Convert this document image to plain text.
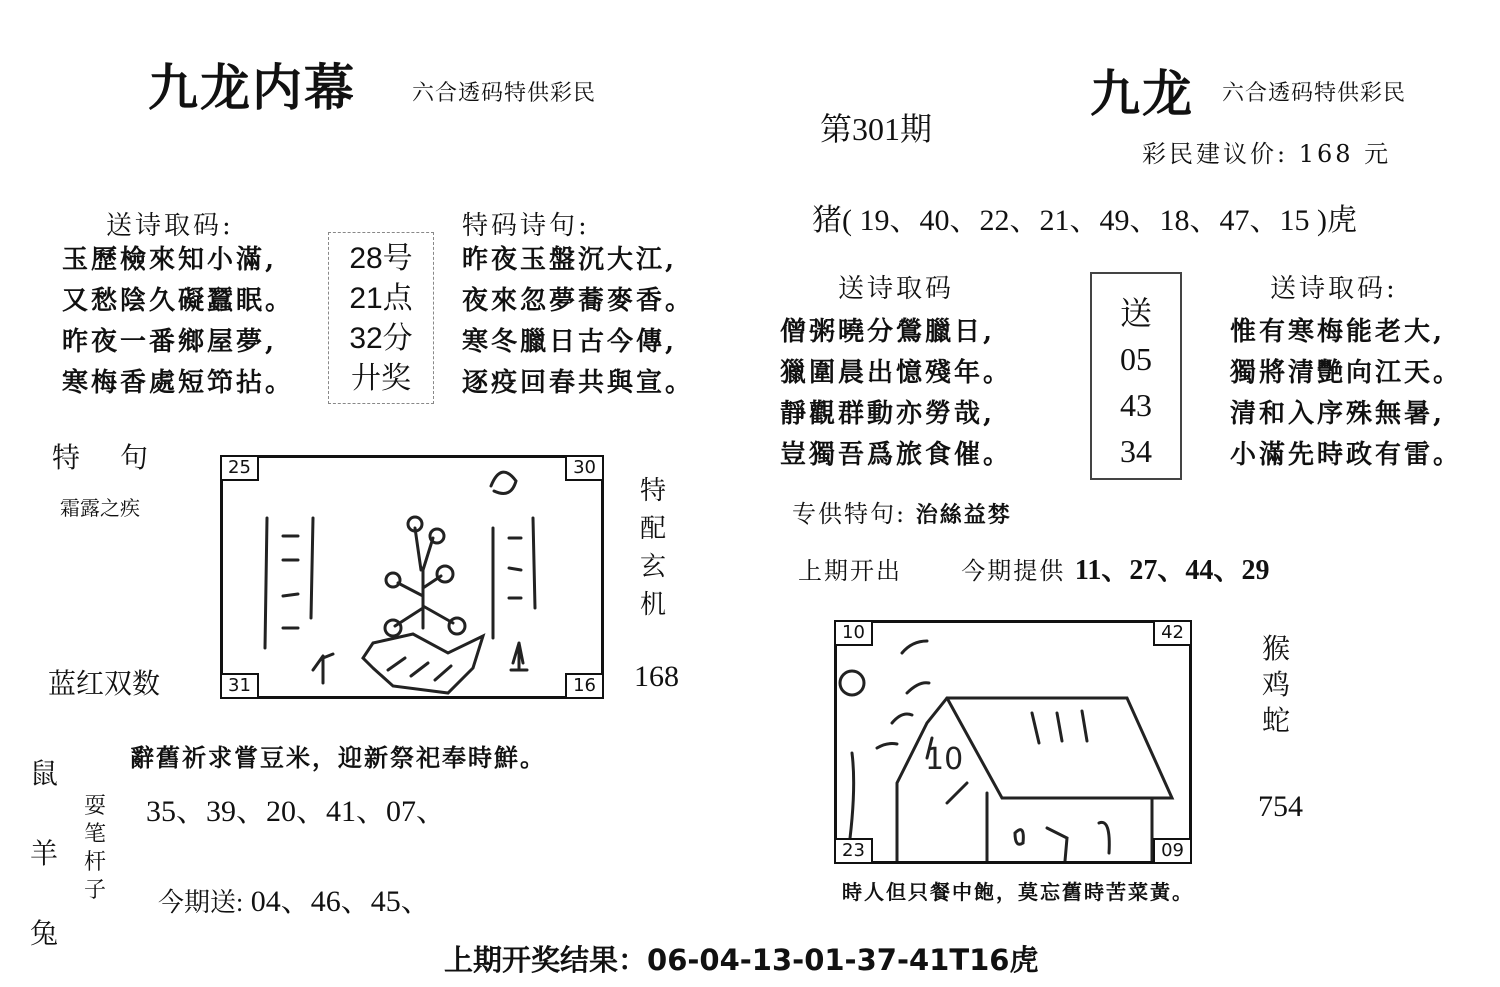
九龙内幕	六合透码特供彩民
送诗取码:	特码诗句:
玉歷檢來知小滿,
又愁陰久礙蠶眠。
昨夜一番鄉屋夢,
寒梅香處短笻拈。
28号
21点
32分
廾奖
昨夜玉盤沉大江,
夜來忽夢蕎麥香。
寒冬臘日古今傳,
逐疫回春共與宣。
特　句
霜露之疾
蓝红双数
25	30
31	16
特
配
玄
机
168
辭舊祈求嘗豆米，迎新祭祀奉時鮮。
鼠
羊
兔
耍
笔
杆
子
35、39、20、41、07、
今期送: 04、46、45、
第301期
九龙 六合透码特供彩民
彩民建议价: 168 元
猪( 19、40、22、21、49、18、47、15 )虎
送诗取码	送诗取码:
僧粥曉分鶯臘日,
獵圍晨出憶殘年。
靜觀群動亦勞哉,
豈獨吾爲旅食催。
送
05
43
34
惟有寒梅能老大,
獨將清艷向江天。
清和入序殊無暑,
小滿先時政有雷。
专供特句: 治絲益棼
上期开出 今期提供 11、27、44、29
10
10	42
23	09
猴
鸡
蛇
754
時人但只餐中飽，莫忘舊時苦菜黃。
上期开奖结果：06-04-13-01-37-41T16虎
